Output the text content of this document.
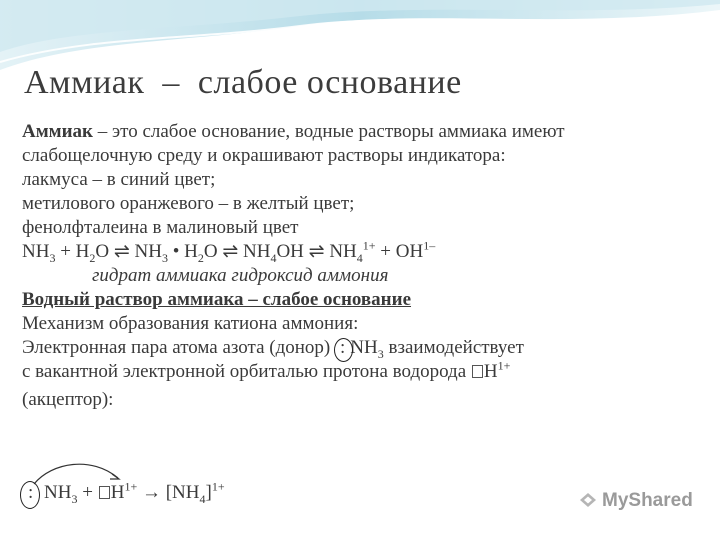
Аммиак  –  слабое основание
Аммиак – это слабое основание, водные растворы аммиака имеют
слабощелочную среду и окрашивают растворы индикатора:
лакмуса – в синий цвет;
метилового оранжевого – в желтый цвет;
фенолфталеина в малиновый цвет
$NH_3 + H_2O$ ⇌ $NH_3$ • $H_2O$ ⇌ $NH_4OH$ ⇌ $NH_4^{1+} + OH^{1-}$
гидрат аммиака гидроксид аммония
Водный раствор аммиака – слабое основание
Механизм образования катиона аммония:
Электронная пара атома азота (донор)
: $NH_3$ взаимодействует
с вакантной электронной орбиталью протона водорода $H^{1+}$
(акцептор):
: $NH_3 + H^{1+} \to [NH_4]^{1+}$
MyShared
